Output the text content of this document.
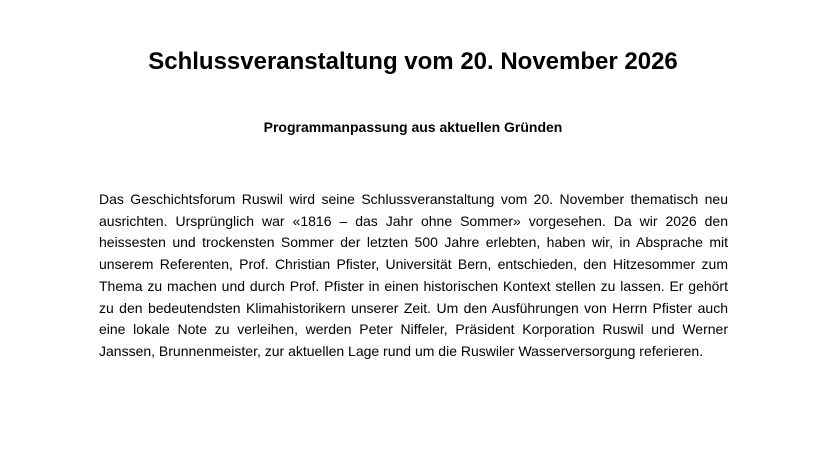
Schlussveranstaltung vom 20. November 2026
Programmanpassung aus aktuellen Gründen

Das Geschichtsforum Ruswil wird seine Schlussveranstaltung vom 20. November thematisch neu ausrichten. Ursprünglich war «1816 – das Jahr ohne Sommer» vorgesehen. Da wir 2026 den heissesten und trockensten Sommer der letzten 500 Jahre erlebten, haben wir, in Absprache mit unserem Referenten, Prof. Christian Pfister, Universität Bern, entschieden, den Hitzesommer zum Thema zu machen und durch Prof. Pfister in einen historischen Kontext stellen zu lassen. Er gehört zu den bedeutendsten Klimahistorikern unserer Zeit. Um den Ausführungen von Herrn Pfister auch eine lokale Note zu verleihen, werden Peter Niffeler, Präsident Korporation Ruswil und Werner Janssen, Brunnenmeister, zur aktuellen Lage rund um die Ruswiler Wasserversorgung referieren.
